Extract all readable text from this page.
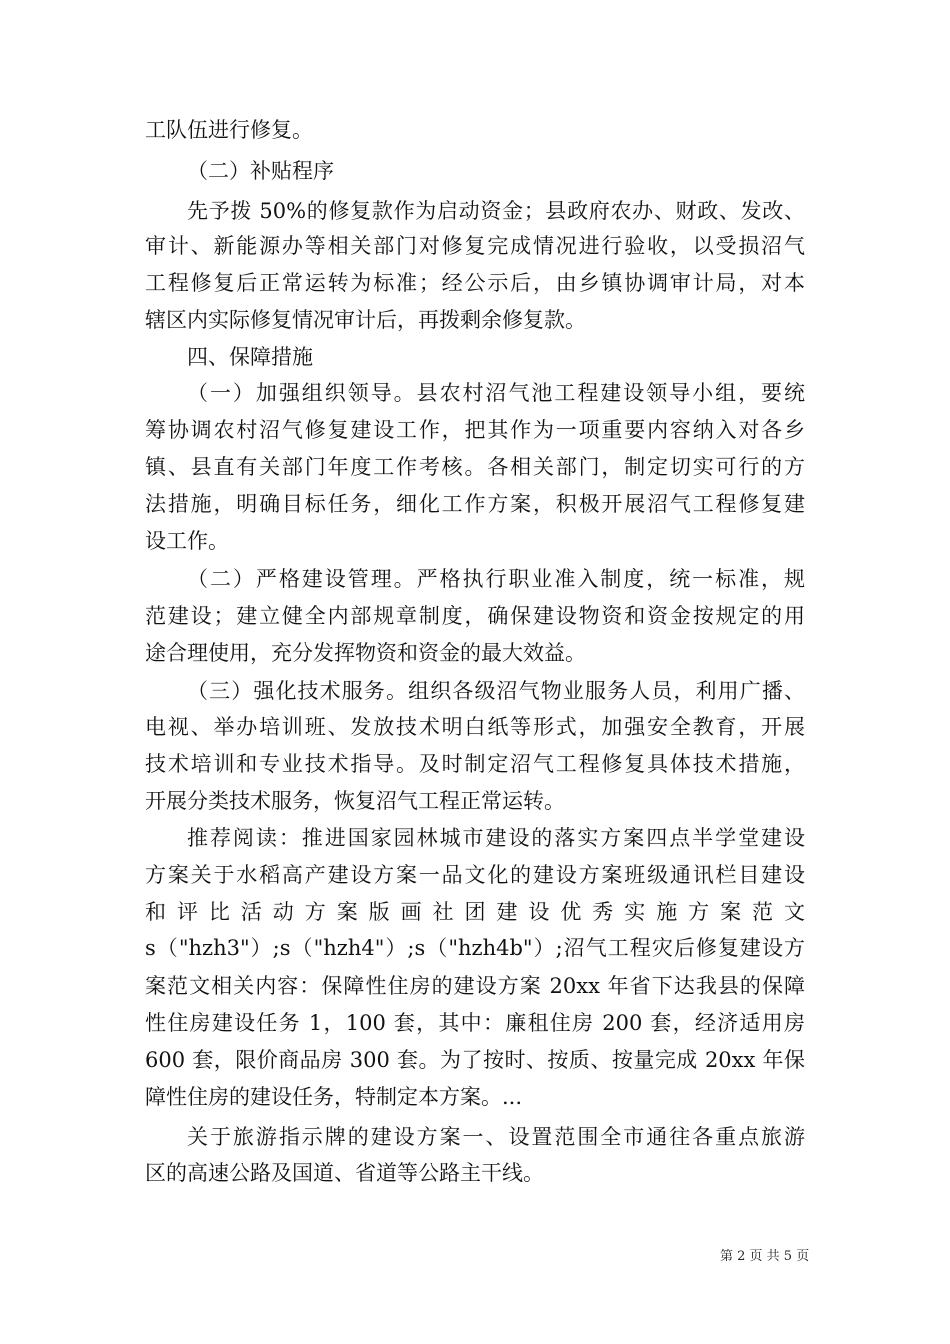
工队伍进行修复。
（二）补贴程序
先予拨 50%的修复款作为启动资金；县政府农办、财政、发改、
审计、新能源办等相关部门对修复完成情况进行验收，以受损沼气
工程修复后正常运转为标准；经公示后，由乡镇协调审计局，对本
辖区内实际修复情况审计后，再拨剩余修复款。
四、保障措施
（一）加强组织领导。县农村沼气池工程建设领导小组，要统
筹协调农村沼气修复建设工作，把其作为一项重要内容纳入对各乡
镇、县直有关部门年度工作考核。各相关部门，制定切实可行的方
法措施，明确目标任务，细化工作方案，积极开展沼气工程修复建
设工作。
（二）严格建设管理。严格执行职业准入制度，统一标准，规
范建设；建立健全内部规章制度，确保建设物资和资金按规定的用
途合理使用，充分发挥物资和资金的最大效益。
（三）强化技术服务。组织各级沼气物业服务人员，利用广播、
电视、举办培训班、发放技术明白纸等形式，加强安全教育，开展
技术培训和专业技术指导。及时制定沼气工程修复具体技术措施，
开展分类技术服务，恢复沼气工程正常运转。
推荐阅读：推进国家园林城市建设的落实方案四点半学堂建设
方案关于水稻高产建设方案一品文化的建设方案班级通讯栏目建设
和评比活动方案版画社团建设优秀实施方案范文
s（"hzh3"）;s（"hzh4"）;s（"hzh4b"）;沼气工程灾后修复建设方
案范文相关内容：保障性住房的建设方案 20xx 年省下达我县的保障
性住房建设任务 1，100 套，其中：廉租住房 200 套，经济适用房
600 套，限价商品房 300 套。为了按时、按质、按量完成 20xx 年保
障性住房的建设任务，特制定本方案。...
关于旅游指示牌的建设方案一、设置范围全市通往各重点旅游
区的高速公路及国道、省道等公路主干线。
第 2 页 共 5 页
